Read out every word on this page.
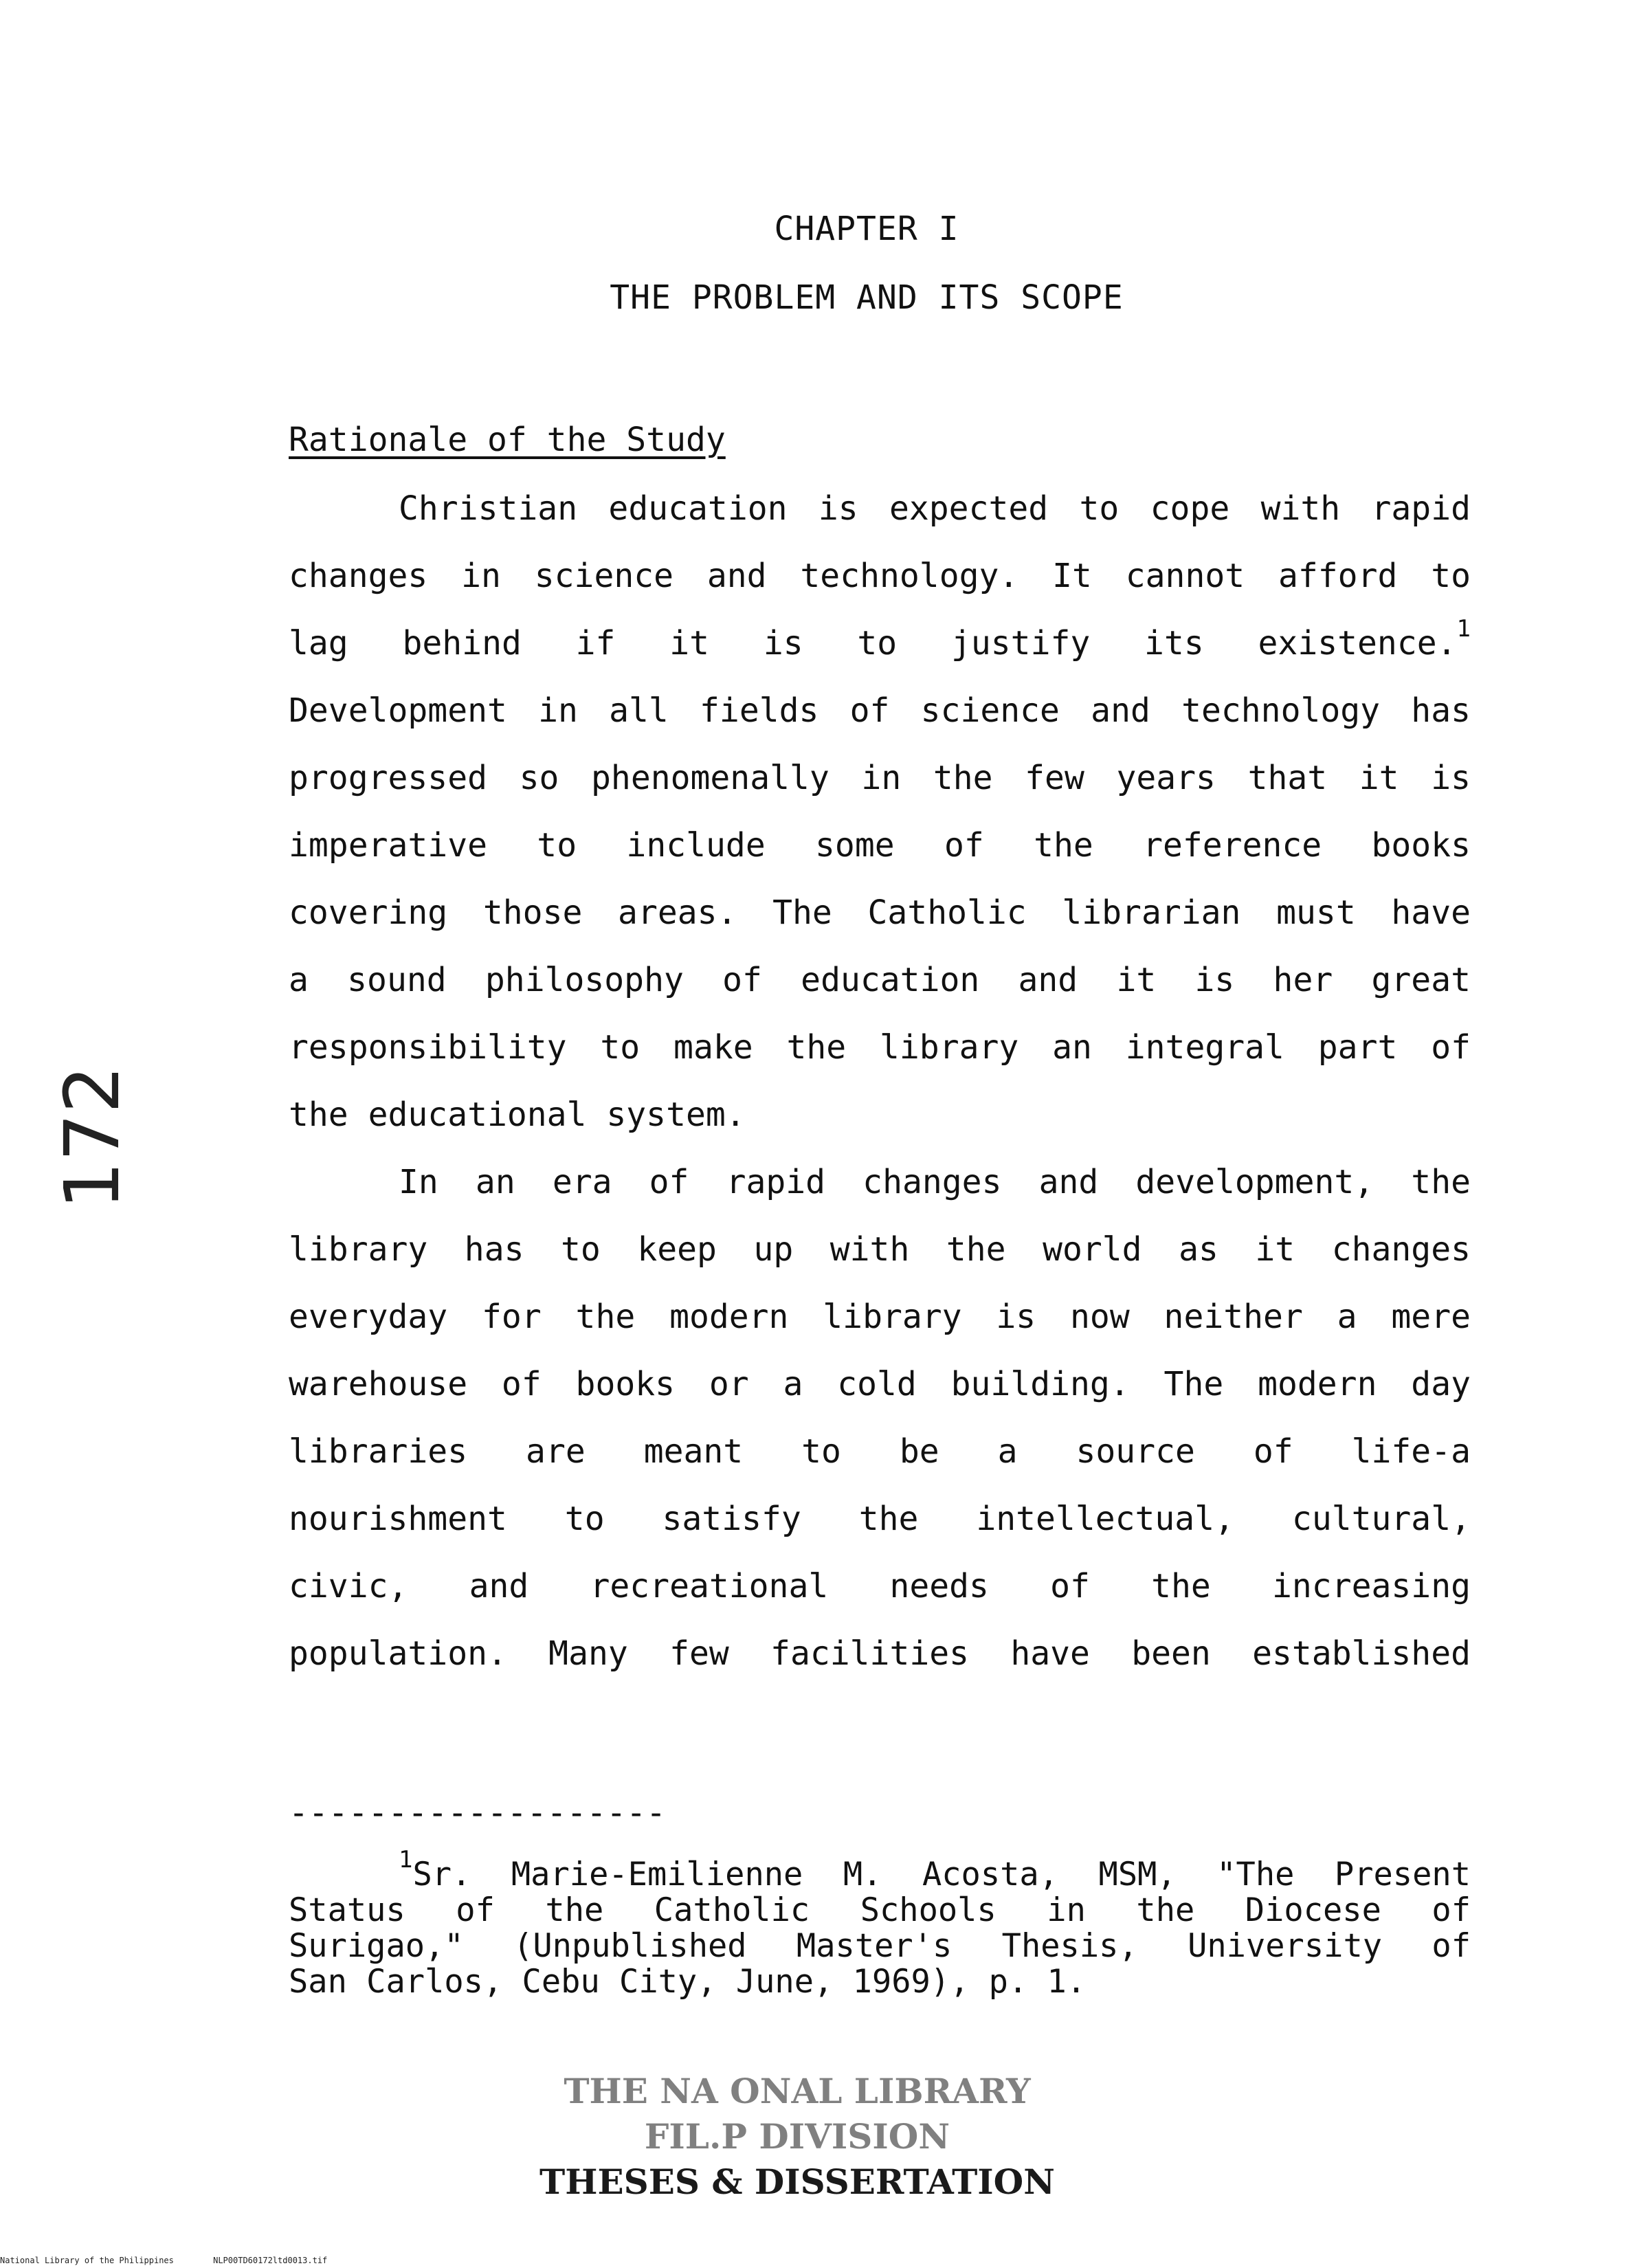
CHAPTER I
THE PROBLEM AND ITS SCOPE
Rationale of the Study
Christian education is expected to cope with rapid
changes in science and technology. It cannot afford to
lag behind if it is to justify its existence.$^1$
Development in all fields of science and technology has
progressed so phenomenally in the few years that it is
imperative to include some of the reference books
covering those areas. The Catholic librarian must have
a sound philosophy of education and it is her great
responsibility to make the library an integral part of
the educational system.
In an era of rapid changes and development, the
library has to keep up with the world as it changes
everyday for the modern library is now neither a mere
warehouse of books or a cold building. The modern day
libraries are meant to be a source of life-a
nourishment to satisfy the intellectual, cultural,
civic, and recreational needs of the increasing
population. Many few facilities have been established
-------------------
$^1$Sr. Marie-Emilienne M. Acosta, MSM, "The Present
Status of the Catholic Schools in the Diocese of
Surigao," (Unpublished Master's Thesis, University of
San Carlos, Cebu City, June, 1969), p. 1.
172
THE NA ONAL LIBRARY
FIL.P DIVISION
THESES & DISSERTATION
National Library of the Philippines	NLP00TD60172ltd0013.tif
